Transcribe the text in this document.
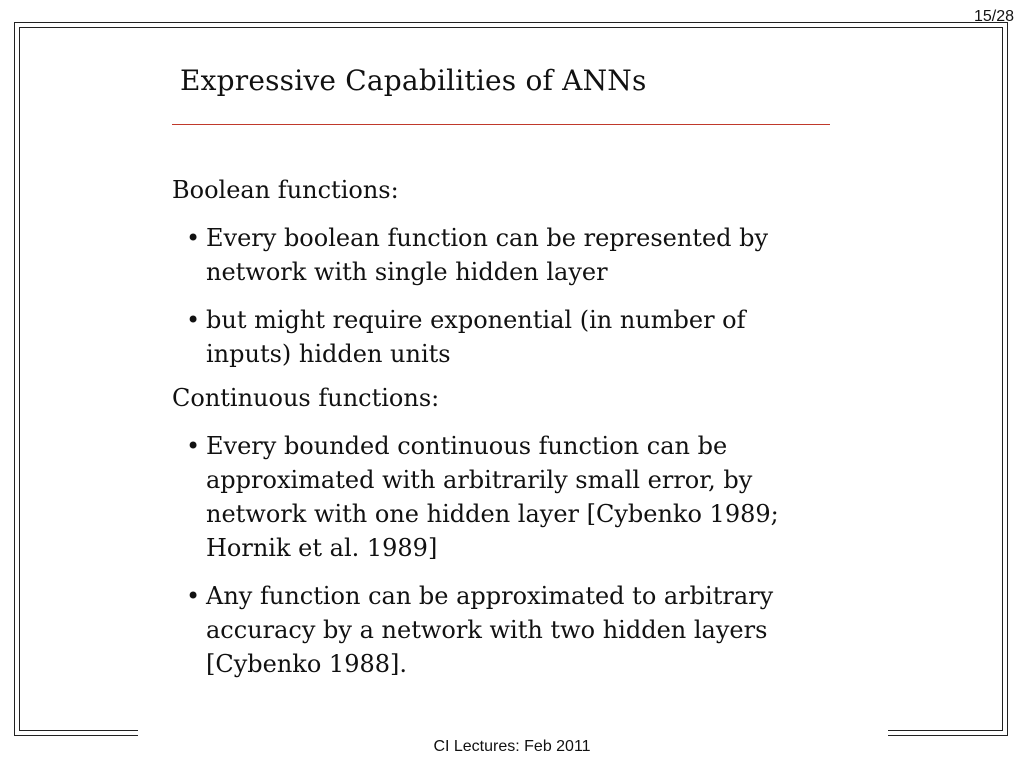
15/28
Expressive Capabilities of ANNs
Boolean functions:
• Every boolean function can be represented by network with single hidden layer
• but might require exponential (in number of inputs) hidden units
Continuous functions:
• Every bounded continuous function can be approximated with arbitrarily small error, by network with one hidden layer [Cybenko 1989; Hornik et al. 1989]
• Any function can be approximated to arbitrary accuracy by a network with two hidden layers [Cybenko 1988].
CI Lectures: Feb 2011
